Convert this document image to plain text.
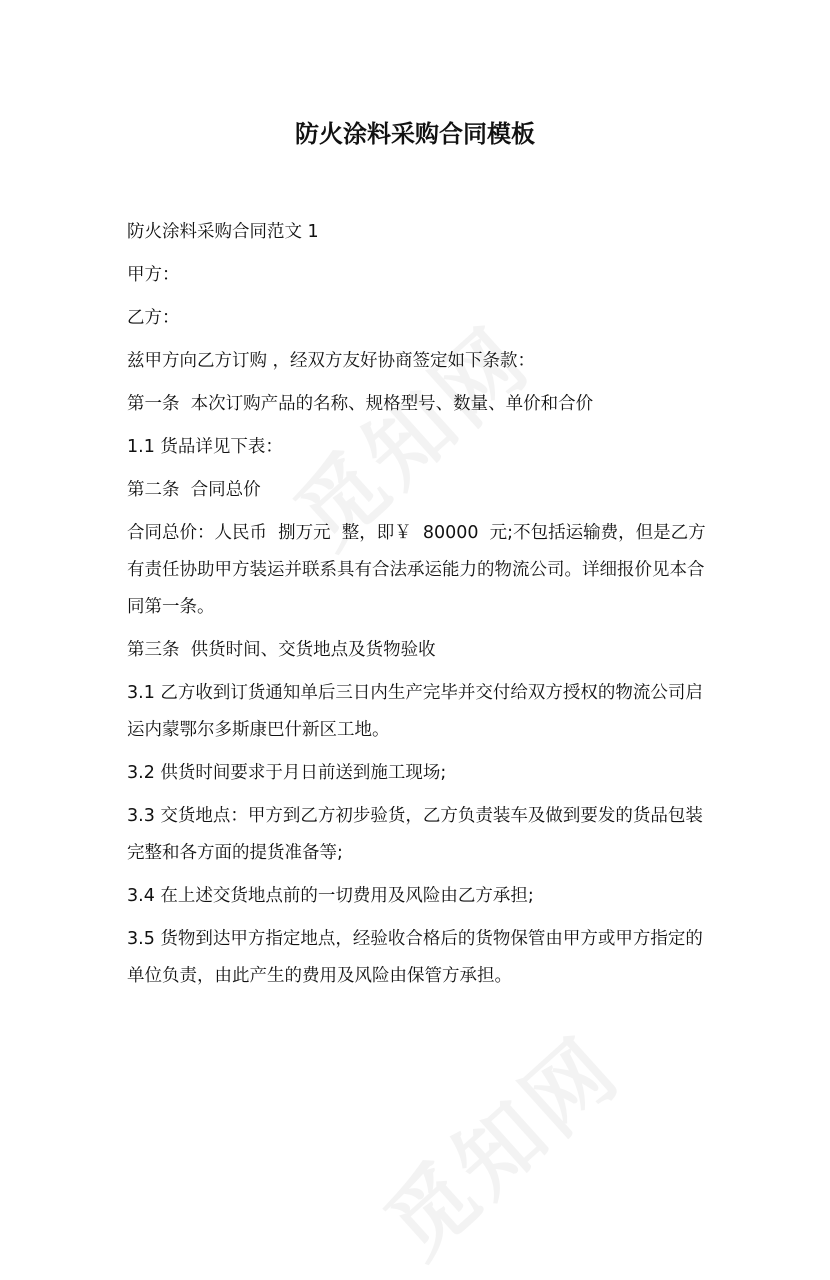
防火涂料采购合同模板

防火涂料采购合同范文 1

甲方：

乙方：

兹甲方向乙方订购 ，经双方友好协商签定如下条款：

第一条  本次订购产品的名称、规格型号、数量、单价和合价

1.1 货品详见下表：

第二条  合同总价

合同总价：人民币  捌万元  整，即￥  80000  元;不包括运输费，但是乙方有责任协助甲方装运并联系具有合法承运能力的物流公司。详细报价见本合同第一条。

第三条  供货时间、交货地点及货物验收

3.1 乙方收到订货通知单后三日内生产完毕并交付给双方授权的物流公司启运内蒙鄂尔多斯康巴什新区工地。

3.2 供货时间要求于月日前送到施工现场;

3.3 交货地点：甲方到乙方初步验货，乙方负责装车及做到要发的货品包装完整和各方面的提货准备等;

3.4 在上述交货地点前的一切费用及风险由乙方承担;

3.5 货物到达甲方指定地点，经验收合格后的货物保管由甲方或甲方指定的单位负责，由此产生的费用及风险由保管方承担。
